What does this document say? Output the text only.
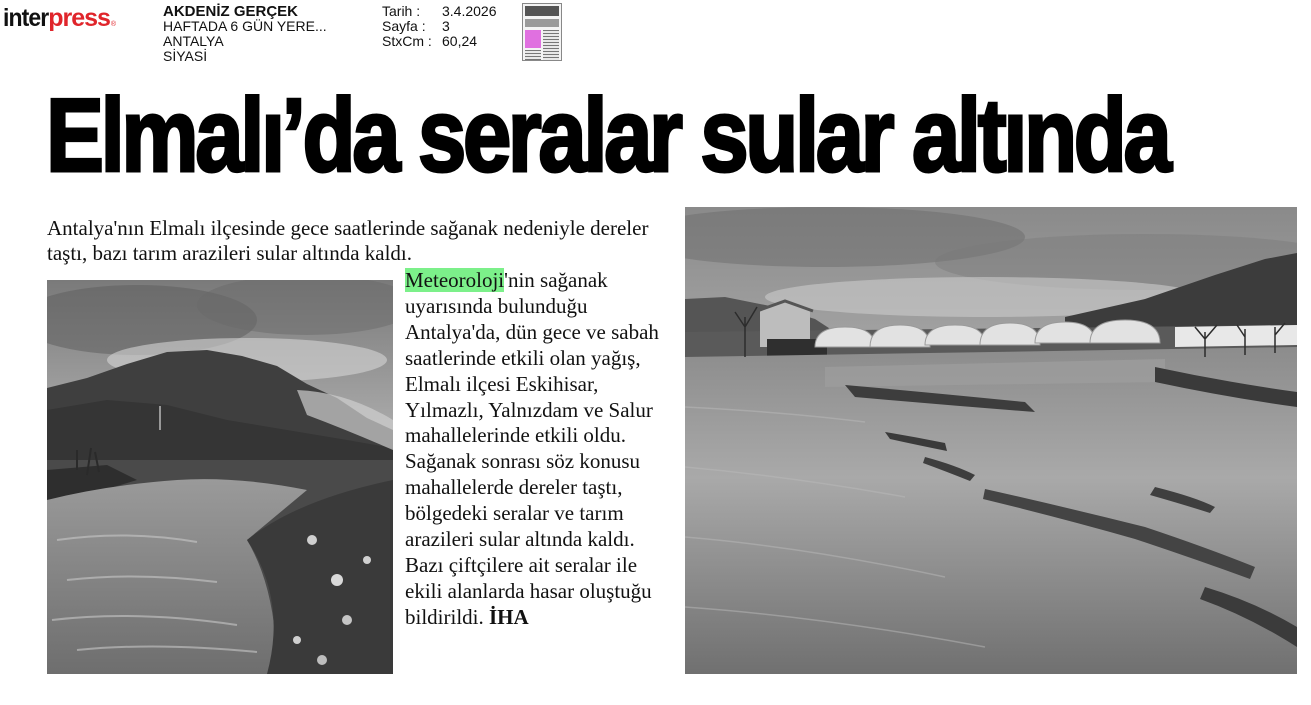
inter press ®
AKDENİZ GERÇEK
HAFTADA 6 GÜN YERE...
ANTALYA
SİYASİ
Tarih :	3.4.2026
Sayfa :	3
StxCm : 60,24
Elmalı’da seralar sular altında

Antalya'nın Elmalı ilçesinde gece saatlerinde sağanak nedeniyle dereler taştı, bazı tarım arazileri sular altında kaldı.

Meteoroloji'nin sağanak uyarısında bulunduğu Antalya'da, dün gece ve sabah saatlerinde etkili olan yağış, Elmalı ilçesi Eskihisar, Yılmazlı, Yalnızdam ve Salur mahallelerinde etkili oldu. Sağanak sonrası söz konusu mahallelerde dereler taştı, bölgedeki seralar ve tarım arazileri sular altında kaldı. Bazı çiftçilere ait seralar ile ekili alanlarda hasar oluştuğu bildirildi. İHA
